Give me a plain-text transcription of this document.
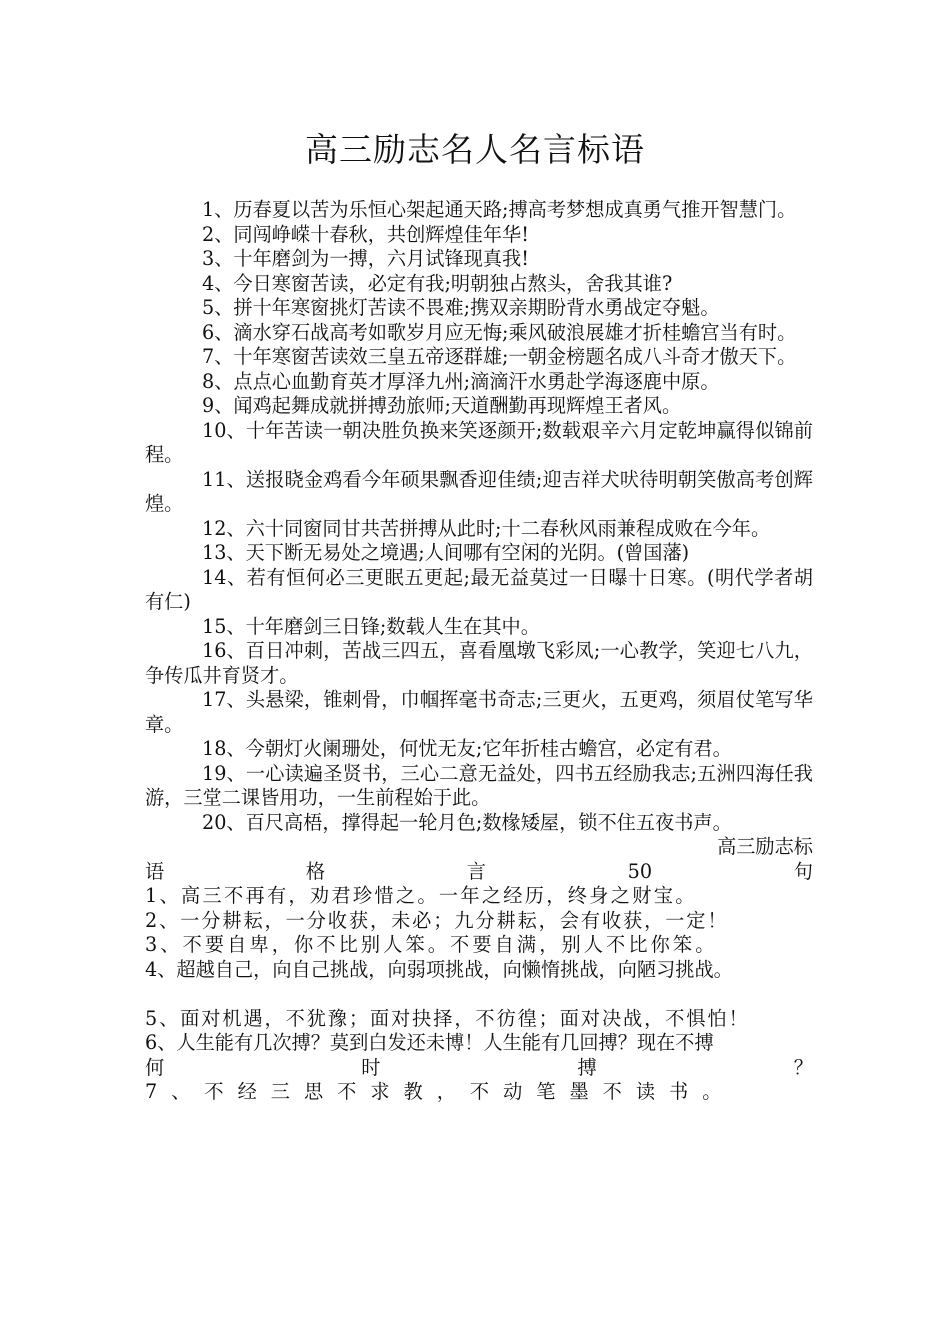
高三励志名人名言标语

1、历春夏以苦为乐恒心架起通天路;搏高考梦想成真勇气推开智慧门。

2、同闯峥嵘十春秋，共创辉煌佳年华!

3、十年磨剑为一搏，六月试锋现真我!

4、今日寒窗苦读，必定有我;明朝独占熬头，舍我其谁?

5、拼十年寒窗挑灯苦读不畏难;携双亲期盼背水勇战定夺魁。

6、滴水穿石战高考如歌岁月应无悔;乘风破浪展雄才折桂蟾宫当有时。

7、十年寒窗苦读效三皇五帝逐群雄;一朝金榜题名成八斗奇才傲天下。

8、点点心血勤育英才厚泽九州;滴滴汗水勇赴学海逐鹿中原。

9、闻鸡起舞成就拼搏劲旅师;天道酬勤再现辉煌王者风。

10、十年苦读一朝决胜负换来笑逐颜开;数载艰辛六月定乾坤赢得似锦前程。

11、送报晓金鸡看今年硕果飘香迎佳绩;迎吉祥犬吠待明朝笑傲高考创辉煌。

12、六十同窗同甘共苦拼搏从此时;十二春秋风雨兼程成败在今年。

13、天下断无易处之境遇;人间哪有空闲的光阴。(曾国藩)

14、若有恒何必三更眠五更起;最无益莫过一日曝十日寒。(明代学者胡有仁)

15、十年磨剑三日锋;数载人生在其中。

16、百日冲刺，苦战三四五，喜看凰墩飞彩凤;一心教学，笑迎七八九，争传瓜井育贤才。

17、头悬梁，锥刺骨，巾帼挥毫书奇志;三更火，五更鸡，须眉仗笔写华章。

18、今朝灯火阑珊处，何忧无友;它年折桂古蟾宫，必定有君。

19、一心读遍圣贤书，三心二意无益处，四书五经励我志;五洲四海任我游，三堂二课皆用功，一生前程始于此。

20、百尺高梧，撑得起一轮月色;数椽矮屋，锁不住五夜书声。

高三励志标

语	格	言	50	句

1、高三不再有，劝君珍惜之。一年之经历，终身之财宝。

2、一分耕耘，一分收获，未必；九分耕耘，会有收获，一定！

3、不要自卑，你不比别人笨。不要自满，别人不比你笨。

4、超越自己，向自己挑战，向弱项挑战，向懒惰挑战，向陋习挑战。

5、面对机遇，不犹豫；面对抉择，不彷徨；面对决战，不惧怕！

6、人生能有几次搏？莫到白发还未博！人生能有几回搏？现在不搏

何	时	搏	？

7、不经三思不求教，不动笔墨不读书。
